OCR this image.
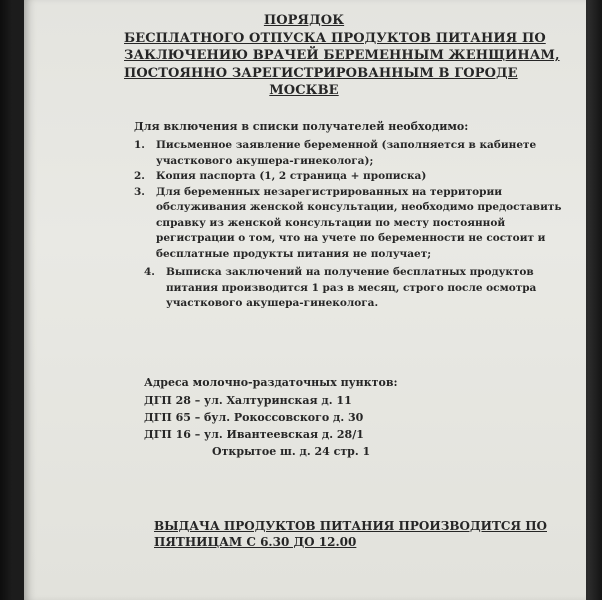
ПОРЯДОК
БЕСПЛАТНОГО ОТПУСКА ПРОДУКТОВ ПИТАНИЯ ПО
ЗАКЛЮЧЕНИЮ ВРАЧЕЙ БЕРЕМЕННЫМ ЖЕНЩИНАМ,
ПОСТОЯННО ЗАРЕГИСТРИРОВАННЫМ В ГОРОДЕ
МОСКВЕ
Для включения в списки получателей необходимо:
1. Письменное заявление беременной (заполняется в кабинете участкового акушера-гинеколога);
2. Копия паспорта (1, 2 страница + прописка)
3. Для беременных незарегистрированных на территории обслуживания женской консультации, необходимо предоставить справку из женской консультации по месту постоянной регистрации о том, что на учете по беременности не состоит и бесплатные продукты питания не получает;
4. Выписка заключений на получение бесплатных продуктов питания производится 1 раз в месяц, строго после осмотра участкового акушера-гинеколога.
Адреса молочно-раздаточных пунктов:
ДГП 28 – ул. Халтуринская д. 11
ДГП 65 – бул. Рокоссовского д. 30
ДГП 16 – ул. Ивантеевская д. 28/1
Открытое ш. д. 24 стр. 1
ВЫДАЧА ПРОДУКТОВ ПИТАНИЯ ПРОИЗВОДИТСЯ ПО
ПЯТНИЦАМ С 6.30 ДО 12.00
